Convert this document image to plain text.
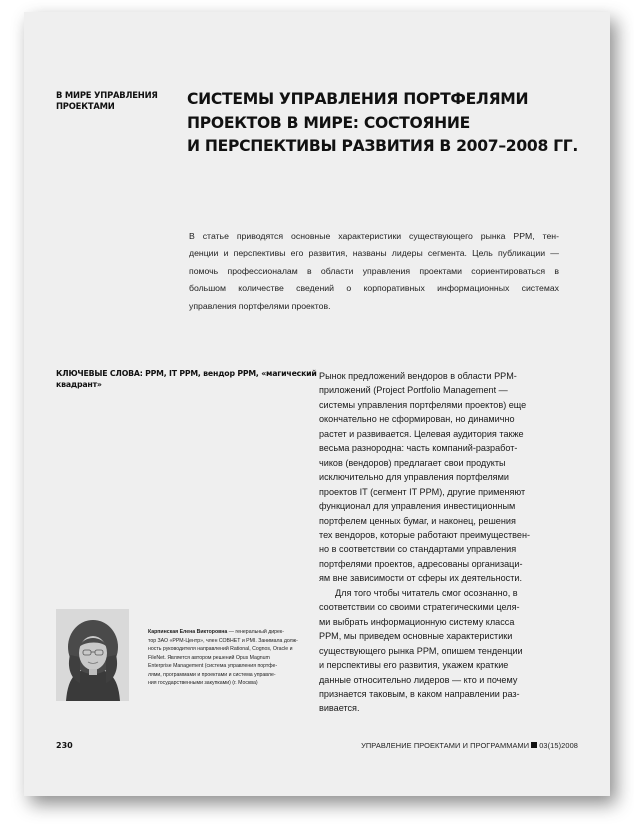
В МИРЕ УПРАВЛЕНИЯ
ПРОЕКТАМИ	СИСТЕМЫ УПРАВЛЕНИЯ ПОРТФЕЛЯМИ
ПРОЕКТОВ В МИРЕ: СОСТОЯНИЕ
И ПЕРСПЕКТИВЫ РАЗВИТИЯ В 2007–2008 ГГ.

В статье приводятся основные характеристики существующего рынка PPM, тен-
денции и перспективы его развития, названы лидеры сегмента. Цель публикации —
помочь профессионалам в области управления проектами сориентироваться в
большом количестве сведений о корпоративных информационных системах
управления портфелями проектов.

КЛЮЧЕВЫЕ СЛОВА: PPM, IT PPM, вендор PPM, «магический
квадрант»

Рынок предложений вендоров в области PPM-
приложений (Project Portfolio Management —
системы управления портфелями проектов) еще
окончательно не сформирован, но динамично
растет и развивается. Целевая аудитория также
весьма разнородна: часть компаний-разработ-
чиков (вендоров) предлагает свои продукты
исключительно для управления портфелями
проектов IT (сегмент IT PPM), другие применяют
функционал для управления инвестиционным
портфелем ценных бумаг, и наконец, решения
тех вендоров, которые работают преимуществен-
но в соответствии со стандартами управления
портфелями проектов, адресованы организаци-
ям вне зависимости от сферы их деятельности.
Для того чтобы читатель смог осознанно, в
соответствии со своими стратегическими целя-
ми выбрать информационную систему класса
PPM, мы приведем основные характеристики
существующего рынка PPM, опишем тенденции
и перспективы его развития, укажем краткие
данные относительно лидеров — кто и почему
признается таковым, в каком направлении раз-
вивается.

Карпинская Елена Викторовна — генеральный дирек-
тор ЗАО «PPM-Центр», член СОВНЕТ и PMI. Занимала долж-
ность руководителя направлений Rational, Cognos, Oracle и
FileNet. Является автором решений Opus Magnum
Enterprise Management (система управления портфе-
лями, программами и проектами и система управле-
ния государственными закупками) (г. Москва)
230	УПРАВЛЕНИЕ ПРОЕКТАМИ И ПРОГРАММАМИ 03(15)2008
